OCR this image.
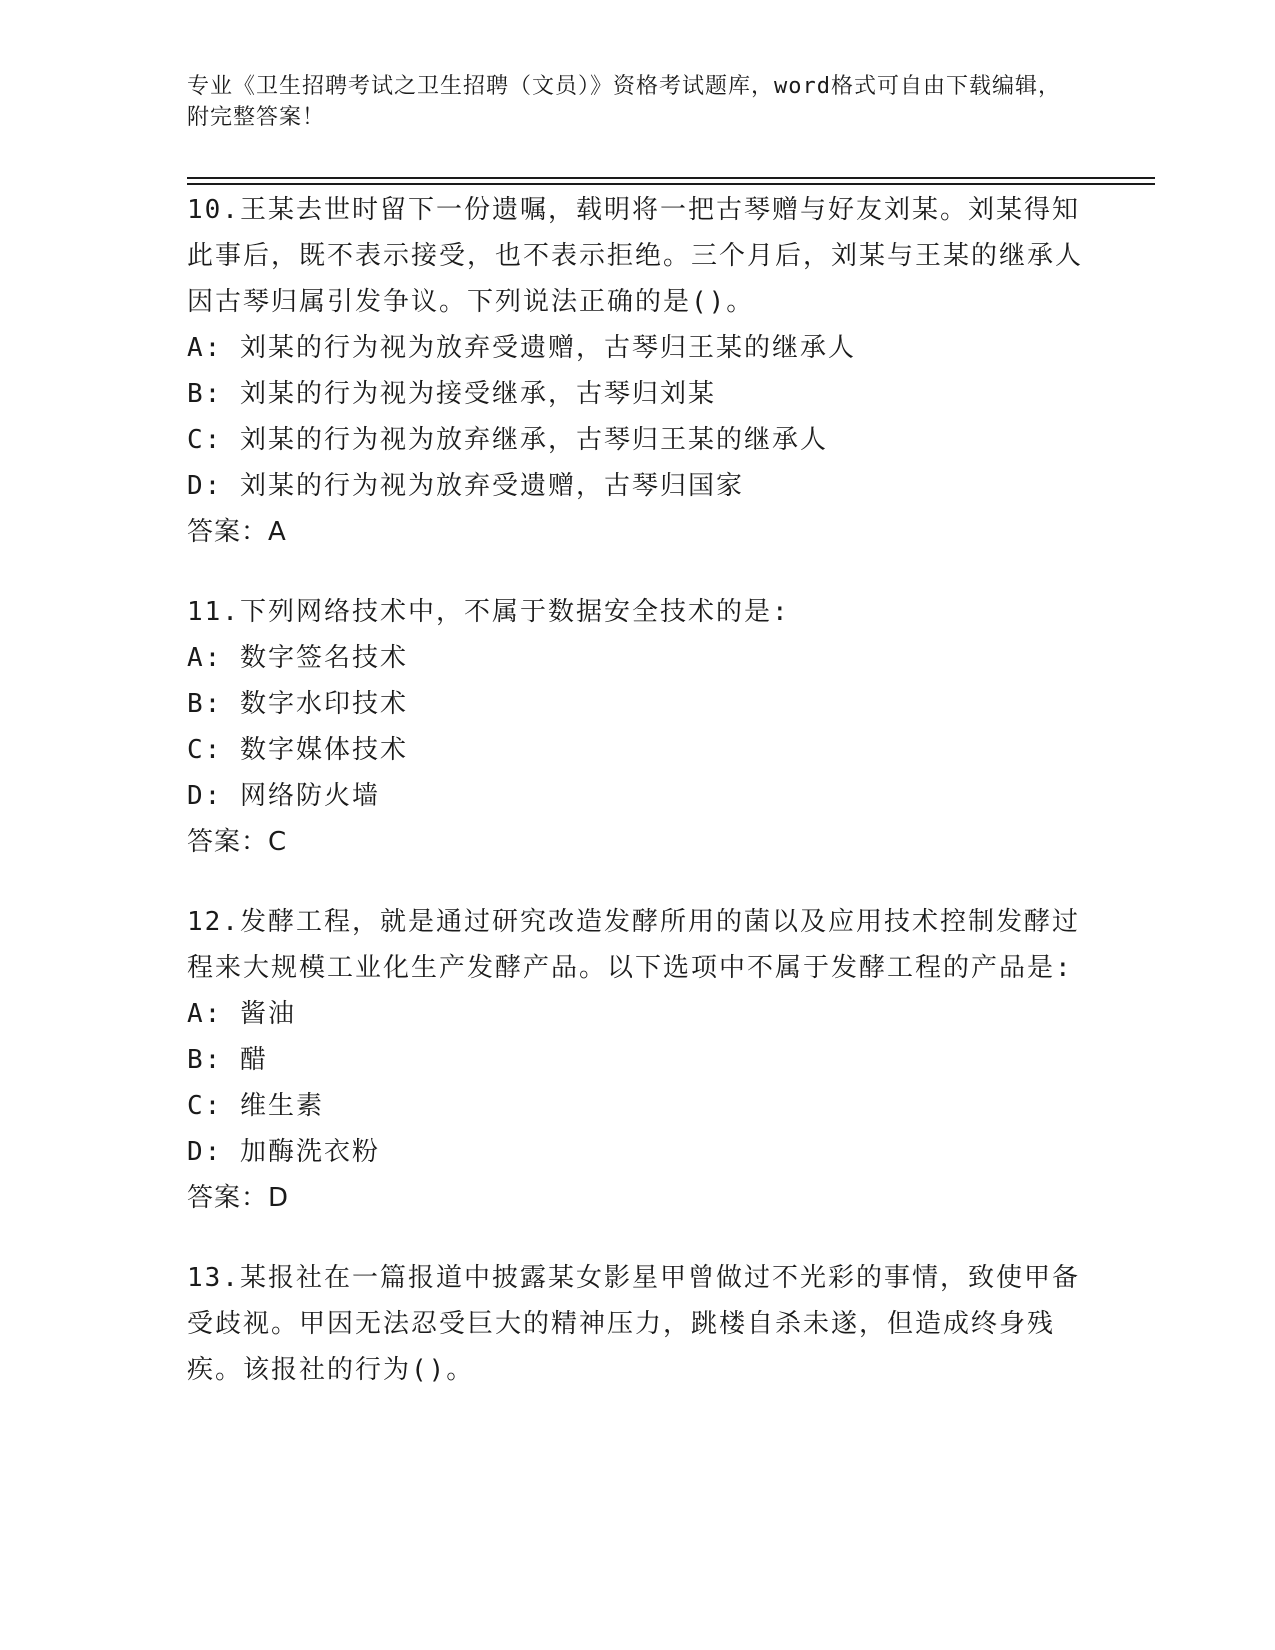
专业《卫生招聘考试之卫生招聘（文员）》资格考试题库，word格式可自由下载编辑，附完整答案！
10.王某去世时留下一份遗嘱，载明将一把古琴赠与好友刘某。刘某得知此事后，既不表示接受，也不表示拒绝。三个月后，刘某与王某的继承人因古琴归属引发争议。下列说法正确的是()。
A: 刘某的行为视为放弃受遗赠，古琴归王某的继承人
B: 刘某的行为视为接受继承，古琴归刘某
C: 刘某的行为视为放弃继承，古琴归王某的继承人
D: 刘某的行为视为放弃受遗赠，古琴归国家
答案：A
11.下列网络技术中，不属于数据安全技术的是:
A: 数字签名技术
B: 数字水印技术
C: 数字媒体技术
D: 网络防火墙
答案：C
12.发酵工程，就是通过研究改造发酵所用的菌以及应用技术控制发酵过程来大规模工业化生产发酵产品。以下选项中不属于发酵工程的产品是:
A: 酱油
B: 醋
C: 维生素
D: 加酶洗衣粉
答案：D
13.某报社在一篇报道中披露某女影星甲曾做过不光彩的事情，致使甲备受歧视。甲因无法忍受巨大的精神压力，跳楼自杀未遂，但造成终身残疾。该报社的行为()。
